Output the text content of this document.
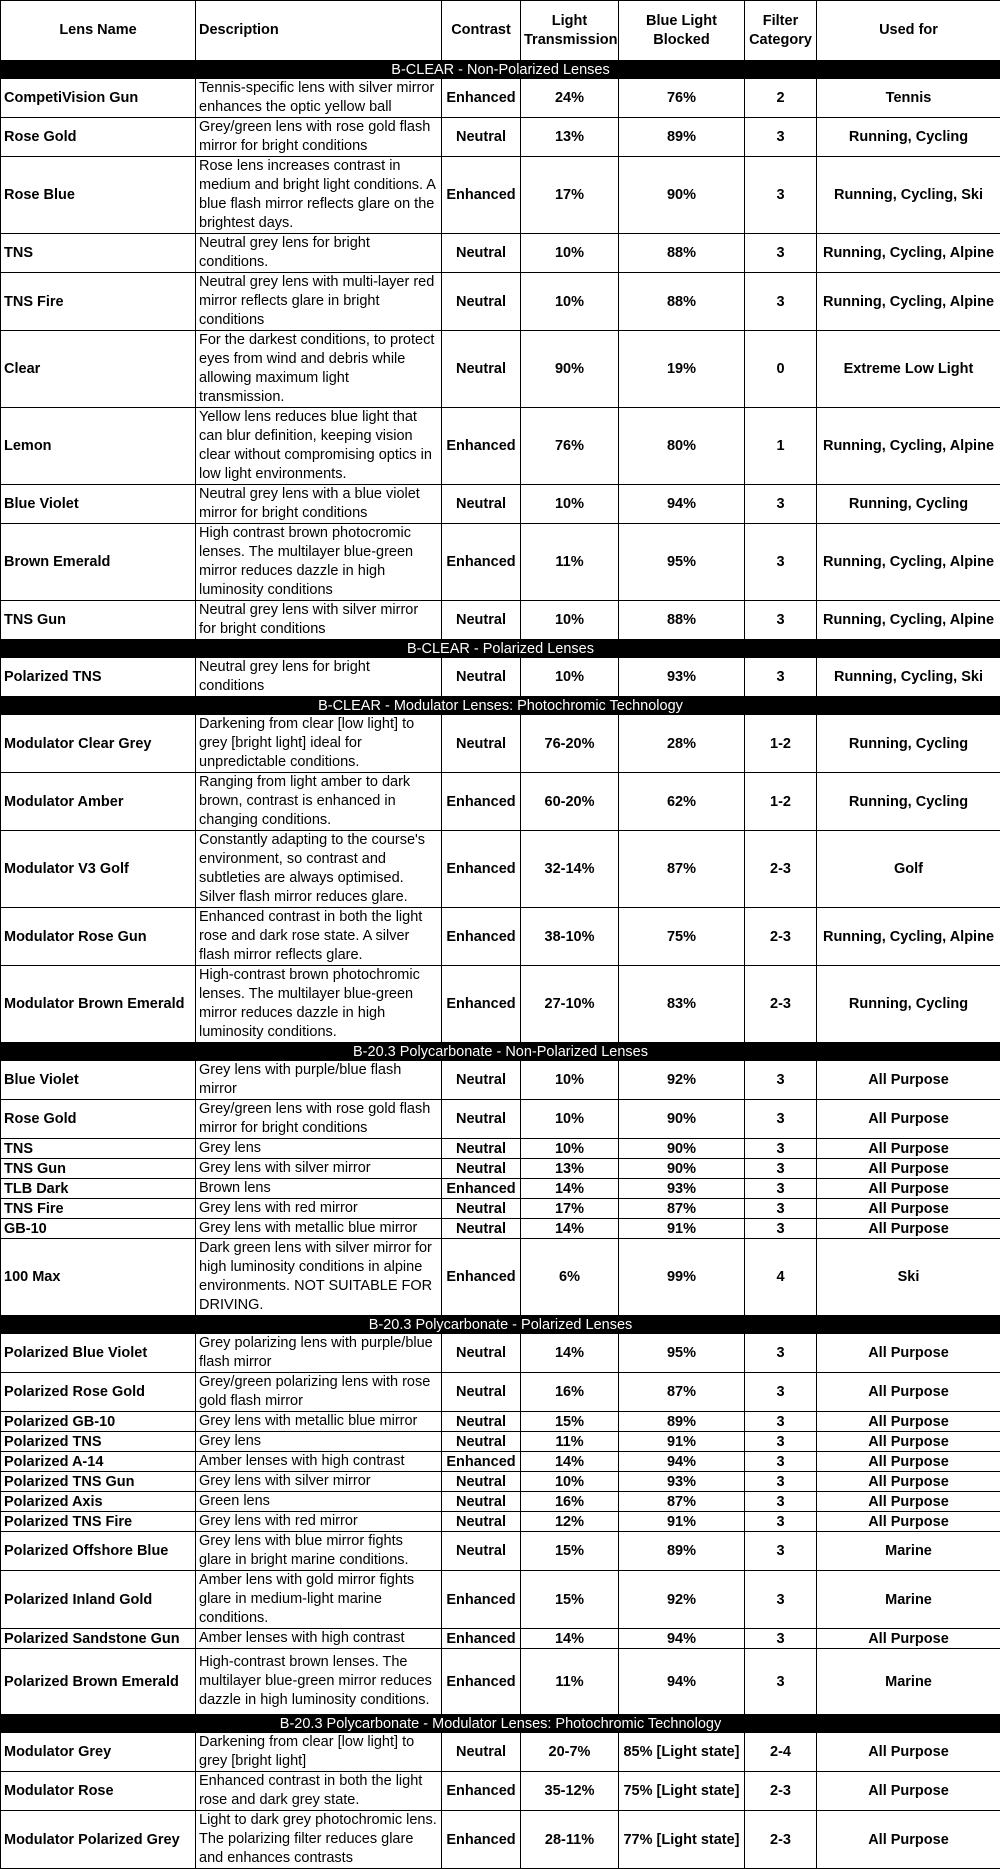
Lens Name	Description	Contrast	Light Transmission	Blue Light Blocked	Filter Category	Used for
B-CLEAR - Non-Polarized Lenses						
CompetiVision Gun	Tennis-specific lens with silver mirror enhances the optic yellow ball	Enhanced	24%	76%	2	Tennis
Rose Gold	Grey/green lens with rose gold flash mirror for bright conditions	Neutral	13%	89%	3	Running, Cycling
Rose Blue	Rose lens increases contrast in medium and bright light conditions. A blue flash mirror reflects glare on the brightest days.	Enhanced	17%	90%	3	Running, Cycling, Ski
TNS	Neutral grey lens for bright conditions.	Neutral	10%	88%	3	Running, Cycling, Alpine
TNS Fire	Neutral grey lens with multi-layer red mirror reflects glare in bright conditions	Neutral	10%	88%	3	Running, Cycling, Alpine
Clear	For the darkest conditions, to protect eyes from wind and debris while allowing maximum light transmission.	Neutral	90%	19%	0	Extreme Low Light
Lemon	Yellow lens reduces blue light that can blur definition, keeping vision clear without compromising optics in low light environments.	Enhanced	76%	80%	1	Running, Cycling, Alpine
Blue Violet	Neutral grey lens with a blue violet mirror for bright conditions	Neutral	10%	94%	3	Running, Cycling
Brown Emerald	High contrast brown photocromic lenses. The multilayer blue-green mirror reduces dazzle in high luminosity conditions	Enhanced	11%	95%	3	Running, Cycling, Alpine
TNS Gun	Neutral grey lens with silver mirror for bright conditions	Neutral	10%	88%	3	Running, Cycling, Alpine
B-CLEAR - Polarized Lenses						
Polarized TNS	Neutral grey lens for bright conditions	Neutral	10%	93%	3	Running, Cycling, Ski
B-CLEAR - Modulator Lenses: Photochromic Technology						
Modulator Clear Grey	Darkening from clear [low light] to grey [bright light] ideal for unpredictable conditions.	Neutral	76-20%	28%	1-2	Running, Cycling
Modulator Amber	Ranging from light amber to dark brown, contrast is enhanced in changing conditions.	Enhanced	60-20%	62%	1-2	Running, Cycling
Modulator V3 Golf	Constantly adapting to the course's environment, so contrast and subtleties are always optimised. Silver flash mirror reduces glare.	Enhanced	32-14%	87%	2-3	Golf
Modulator Rose Gun	Enhanced contrast in both the light rose and dark rose state. A silver flash mirror reflects glare.	Enhanced	38-10%	75%	2-3	Running, Cycling, Alpine
Modulator Brown Emerald	High-contrast brown photochromic lenses. The multilayer blue-green mirror reduces dazzle in high luminosity conditions.	Enhanced	27-10%	83%	2-3	Running, Cycling
B-20.3 Polycarbonate - Non-Polarized Lenses						
Blue Violet	Grey lens with purple/blue flash mirror	Neutral	10%	92%	3	All Purpose
Rose Gold	Grey/green lens with rose gold flash mirror for bright conditions	Neutral	10%	90%	3	All Purpose
TNS	Grey lens	Neutral	10%	90%	3	All Purpose
TNS Gun	Grey lens with silver mirror	Neutral	13%	90%	3	All Purpose
TLB Dark	Brown lens	Enhanced	14%	93%	3	All Purpose
TNS Fire	Grey lens with red mirror	Neutral	17%	87%	3	All Purpose
GB-10	Grey lens with metallic blue mirror	Neutral	14%	91%	3	All Purpose
100 Max	Dark green lens with silver mirror for high luminosity conditions in alpine environments. NOT SUITABLE FOR DRIVING.	Enhanced	6%	99%	4	Ski
B-20.3 Polycarbonate - Polarized Lenses						
Polarized Blue Violet	Grey polarizing lens with purple/blue flash mirror	Neutral	14%	95%	3	All Purpose
Polarized Rose Gold	Grey/green polarizing lens with rose gold flash mirror	Neutral	16%	87%	3	All Purpose
Polarized GB-10	Grey lens with metallic blue mirror	Neutral	15%	89%	3	All Purpose
Polarized TNS	Grey lens	Neutral	11%	91%	3	All Purpose
Polarized A-14	Amber lenses with high contrast	Enhanced	14%	94%	3	All Purpose
Polarized TNS Gun	Grey lens with silver mirror	Neutral	10%	93%	3	All Purpose
Polarized Axis	Green lens	Neutral	16%	87%	3	All Purpose
Polarized TNS Fire	Grey lens with red mirror	Neutral	12%	91%	3	All Purpose
Polarized Offshore Blue	Grey lens with blue mirror fights glare in bright marine conditions.	Neutral	15%	89%	3	Marine
Polarized Inland Gold	Amber lens with gold mirror fights glare in medium-light marine conditions.	Enhanced	15%	92%	3	Marine
Polarized Sandstone Gun	Amber lenses with high contrast	Enhanced	14%	94%	3	All Purpose
Polarized Brown Emerald	High-contrast brown lenses. The multilayer blue-green mirror reduces dazzle in high luminosity conditions.	Enhanced	11%	94%	3	Marine
B-20.3 Polycarbonate - Modulator Lenses: Photochromic Technology						
Modulator Grey	Darkening from clear [low light] to grey [bright light]	Neutral	20-7%	85% [Light state]	2-4	All Purpose
Modulator Rose	Enhanced contrast in both the light rose and dark grey state.	Enhanced	35-12%	75% [Light state]	2-3	All Purpose
Modulator Polarized Grey	Light to dark grey photochromic lens. The polarizing filter reduces glare and enhances contrasts	Enhanced	28-11%	77% [Light state]	2-3	All Purpose
